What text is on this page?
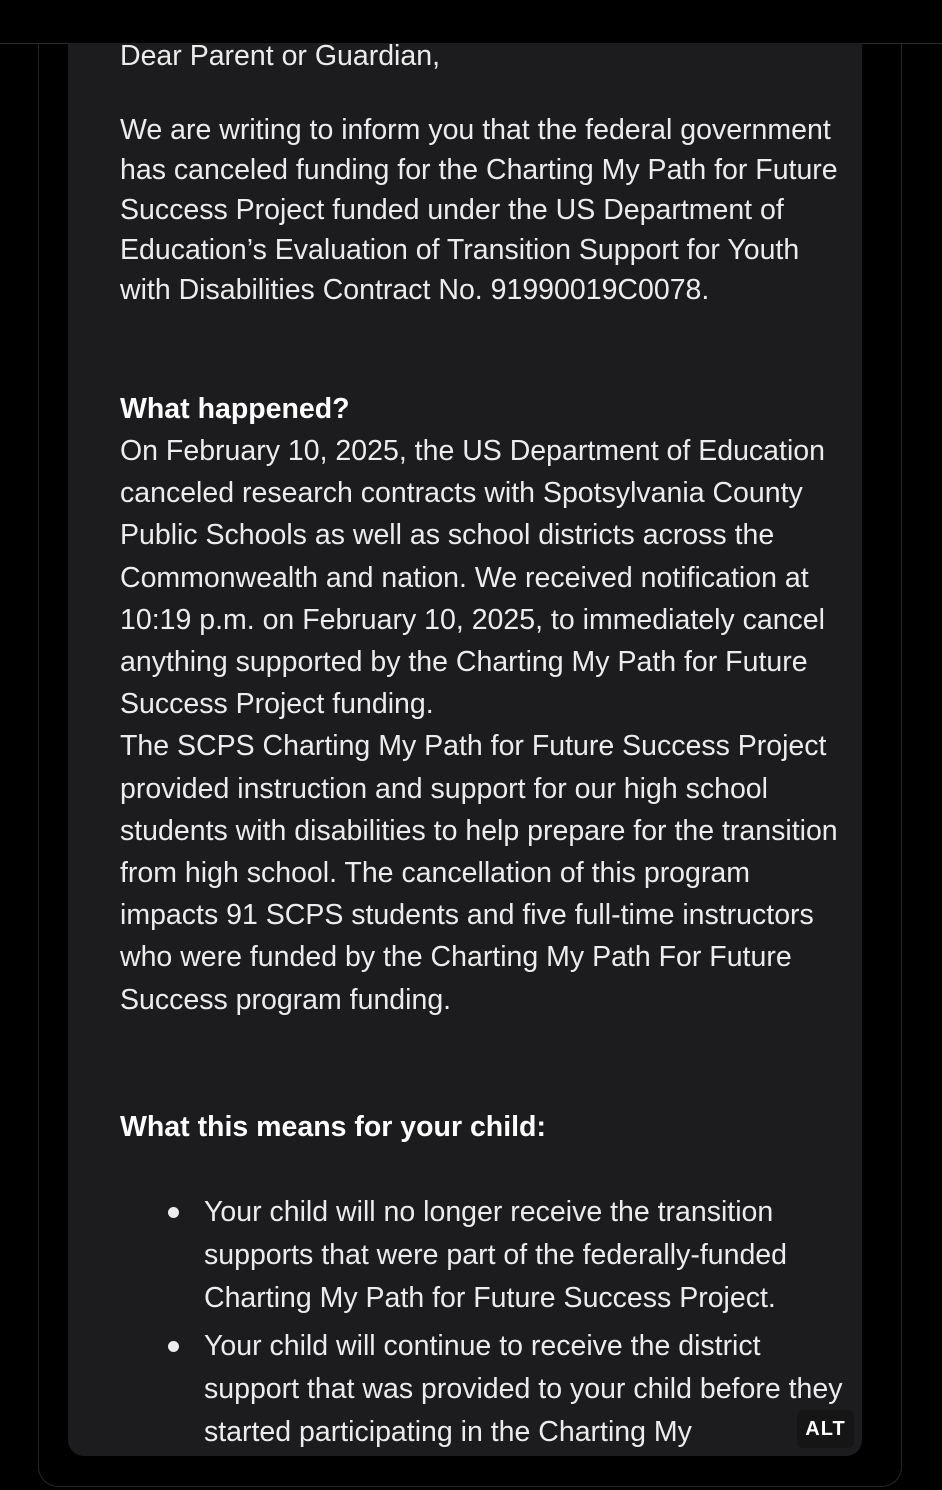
Dear Parent or Guardian,

We are writing to inform you that the federal government has canceled funding for the Charting My Path for Future Success Project funded under the US Department of Education’s Evaluation of Transition Support for Youth with Disabilities Contract No. 91990019C0078.

What happened?

On February 10, 2025, the US Department of Education canceled research contracts with Spotsylvania County Public Schools as well as school districts across the Commonwealth and nation. We received notification at 10:19 p.m. on February 10, 2025, to immediately cancel anything supported by the Charting My Path for Future Success Project funding.

The SCPS Charting My Path for Future Success Project provided instruction and support for our high school students with disabilities to help prepare for the transition from high school. The cancellation of this program impacts 91 SCPS students and five full-time instructors who were funded by the Charting My Path For Future Success program funding.

What this means for your child:

Your child will no longer receive the transition supports that were part of the federally-funded Charting My Path for Future Success Project.
Your child will continue to receive the district support that was provided to your child before they started participating in the Charting My	ALT
